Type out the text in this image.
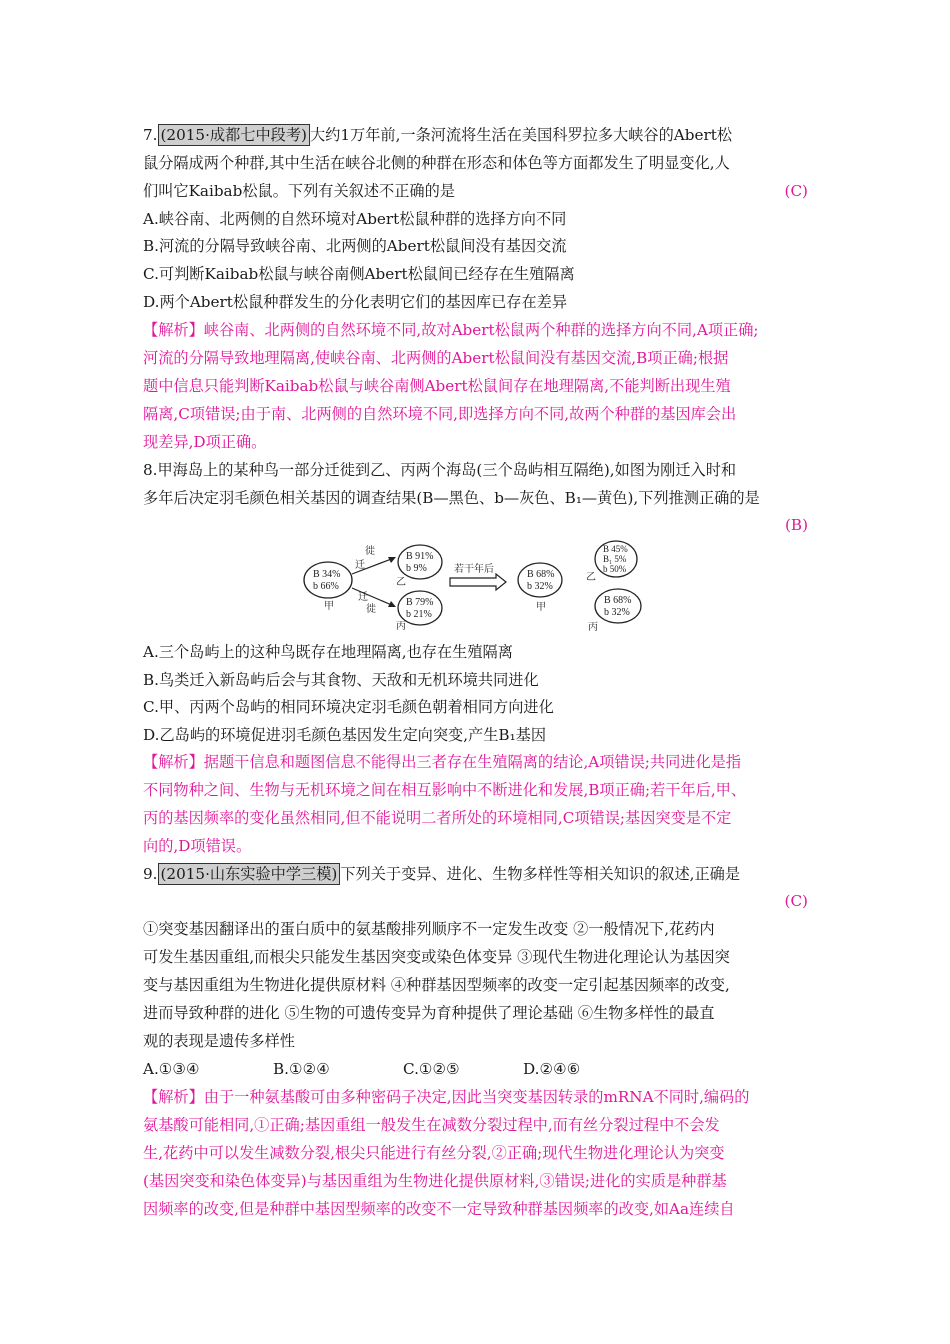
7. (2015·成都七中段考) 大约1万年前,一条河流将生活在美国科罗拉多大峡谷的Abert松
鼠分隔成两个种群,其中生活在峡谷北侧的种群在形态和体色等方面都发生了明显变化,人
们叫它Kaibab松鼠。下列有关叙述不正确的是	(C)
A.峡谷南、北两侧的自然环境对Abert松鼠种群的选择方向不同
B.河流的分隔导致峡谷南、北两侧的Abert松鼠间没有基因交流
C.可判断Kaibab松鼠与峡谷南侧Abert松鼠间已经存在生殖隔离
D.两个Abert松鼠种群发生的分化表明它们的基因库已存在差异
【解析】峡谷南、北两侧的自然环境不同,故对Abert松鼠两个种群的选择方向不同,A项正确;
河流的分隔导致地理隔离,使峡谷南、北两侧的Abert松鼠间没有基因交流,B项正确;根据
题中信息只能判断Kaibab松鼠与峡谷南侧Abert松鼠间存在地理隔离,不能判断出现生殖
隔离,C项错误;由于南、北两侧的自然环境不同,即选择方向不同,故两个种群的基因库会出
现差异,D项正确。
8.甲海岛上的某种鸟一部分迁徙到乙、丙两个海岛(三个岛屿相互隔绝),如图为刚迁入时和
多年后决定羽毛颜色相关基因的调查结果(B—黑色、b—灰色、B₁—黄色),下列推测正确的是
(B)
B 34%
b 66%
甲
徙
迁
迁
徙
B 91%
b 9%
乙
B 79%
b 21%
丙
若干年后	B 68%
b 32%
甲
B 45%
B₁ 5%
b 50%
乙
B 68%
b 32%
丙
A.三个岛屿上的这种鸟既存在地理隔离,也存在生殖隔离
B.鸟类迁入新岛屿后会与其食物、天敌和无机环境共同进化
C.甲、丙两个岛屿的相同环境决定羽毛颜色朝着相同方向进化
D.乙岛屿的环境促进羽毛颜色基因发生定向突变,产生B₁基因
【解析】据题干信息和题图信息不能得出三者存在生殖隔离的结论,A项错误;共同进化是指
不同物种之间、生物与无机环境之间在相互影响中不断进化和发展,B项正确;若干年后,甲、
丙的基因频率的变化虽然相同,但不能说明二者所处的环境相同,C项错误;基因突变是不定
向的,D项错误。
9. (2015·山东实验中学三模) 下列关于变异、进化、生物多样性等相关知识的叙述,正确是
(C)
①突变基因翻译出的蛋白质中的氨基酸排列顺序不一定发生改变 ②一般情况下,花药内
可发生基因重组,而根尖只能发生基因突变或染色体变异 ③现代生物进化理论认为基因突
变与基因重组为生物进化提供原材料 ④种群基因型频率的改变一定引起基因频率的改变,
进而导致种群的进化 ⑤生物的可遗传变异为育种提供了理论基础 ⑥生物多样性的最直
观的表现是遗传多样性
A.①③④	B.①②④	C.①②⑤	D.②④⑥
【解析】由于一种氨基酸可由多种密码子决定,因此当突变基因转录的mRNA不同时,编码的
氨基酸可能相同,①正确;基因重组一般发生在减数分裂过程中,而有丝分裂过程中不会发
生,花药中可以发生减数分裂,根尖只能进行有丝分裂,②正确;现代生物进化理论认为突变
(基因突变和染色体变异)与基因重组为生物进化提供原材料,③错误;进化的实质是种群基
因频率的改变,但是种群中基因型频率的改变不一定导致种群基因频率的改变,如Aa连续自
